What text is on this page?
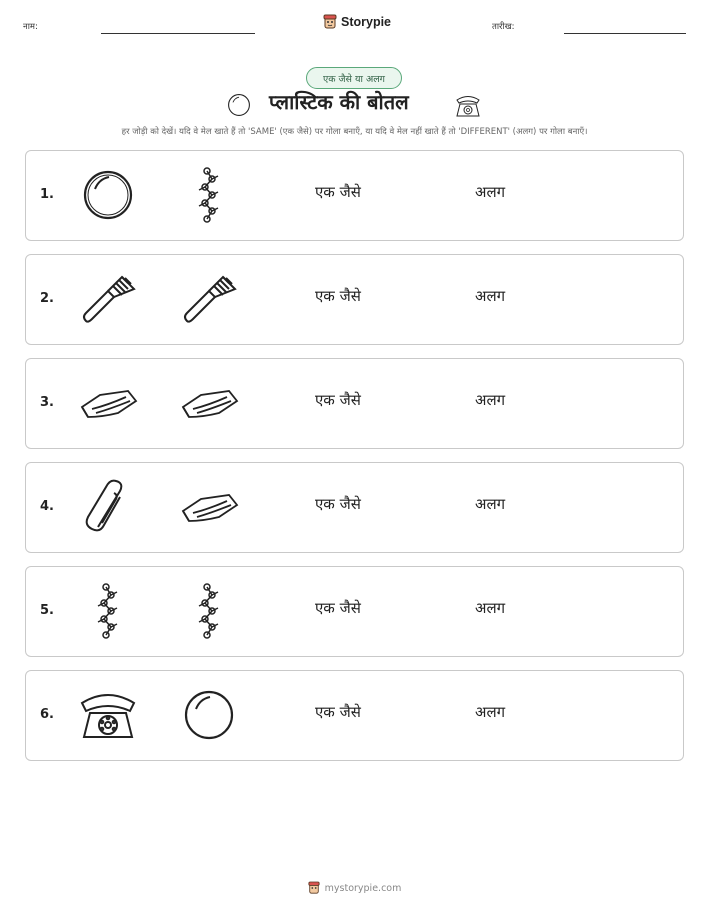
नाम:	Storypie	तारीख:
एक जैसे या अलग
प्लास्टिक की बोतल
हर जोड़ी को देखें। यदि वे मेल खाते हैं तो 'SAME' (एक जैसे) पर गोला बनाएँ, या यदि वे मेल नहीं खाते हैं तो 'DIFFERENT' (अलग) पर गोला बनाएँ।
1.	एक जैसे	अलग
2.	एक जैसे	अलग
3.	एक जैसे	अलग
4.	एक जैसे	अलग
5.	एक जैसे	अलग
6.	एक जैसे	अलग
mystorypie.com
